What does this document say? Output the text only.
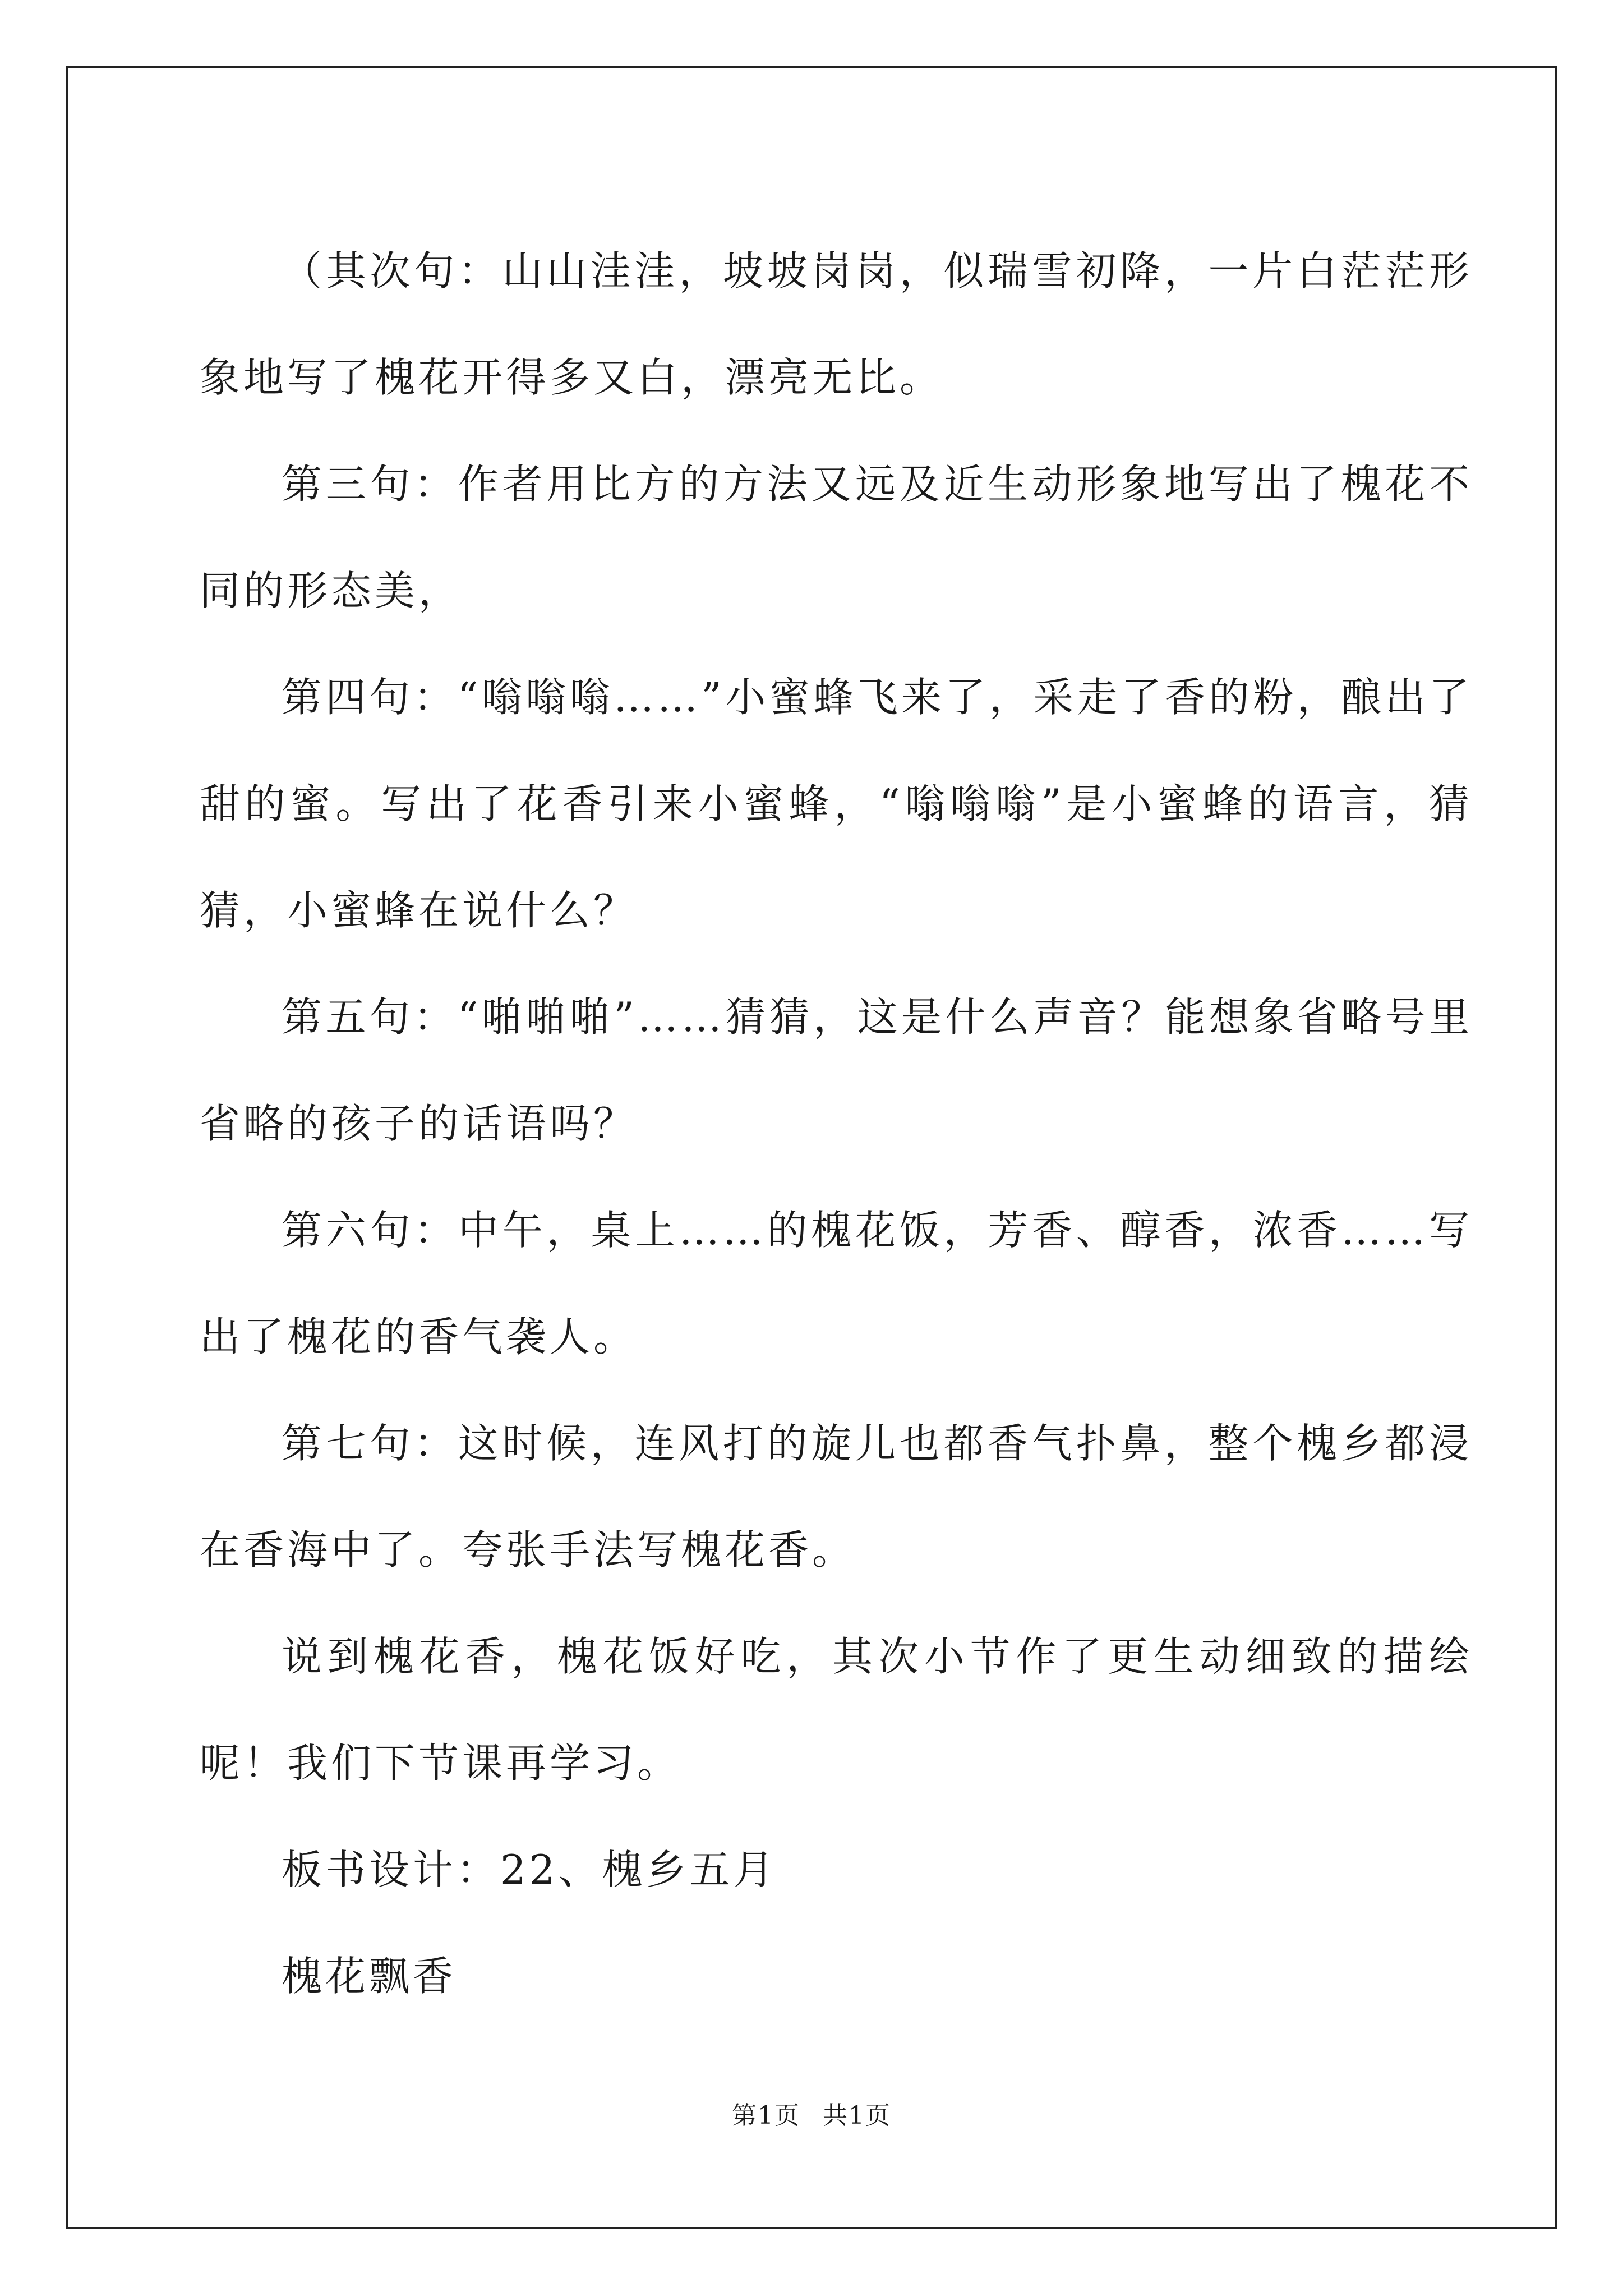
（其次句：山山洼洼，坡坡岗岗，似瑞雪初降，一片白茫茫形象地写了槐花开得多又白，漂亮无比。

第三句：作者用比方的方法又远及近生动形象地写出了槐花不同的形态美，

第四句：“嗡嗡嗡……”小蜜蜂飞来了，采走了香的粉，酿出了甜的蜜。写出了花香引来小蜜蜂，“嗡嗡嗡”是小蜜蜂的语言，猜猜，小蜜蜂在说什么？

第五句：“啪啪啪”……猜猜，这是什么声音？能想象省略号里省略的孩子的话语吗？

第六句：中午，桌上……的槐花饭，芳香、醇香，浓香……写出了槐花的香气袭人。

第七句：这时候，连风打的旋儿也都香气扑鼻，整个槐乡都浸在香海中了。夸张手法写槐花香。

说到槐花香，槐花饭好吃，其次小节作了更生动细致的描绘呢！我们下节课再学习。

板书设计：22、槐乡五月

槐花飘香

第1页 共1页
